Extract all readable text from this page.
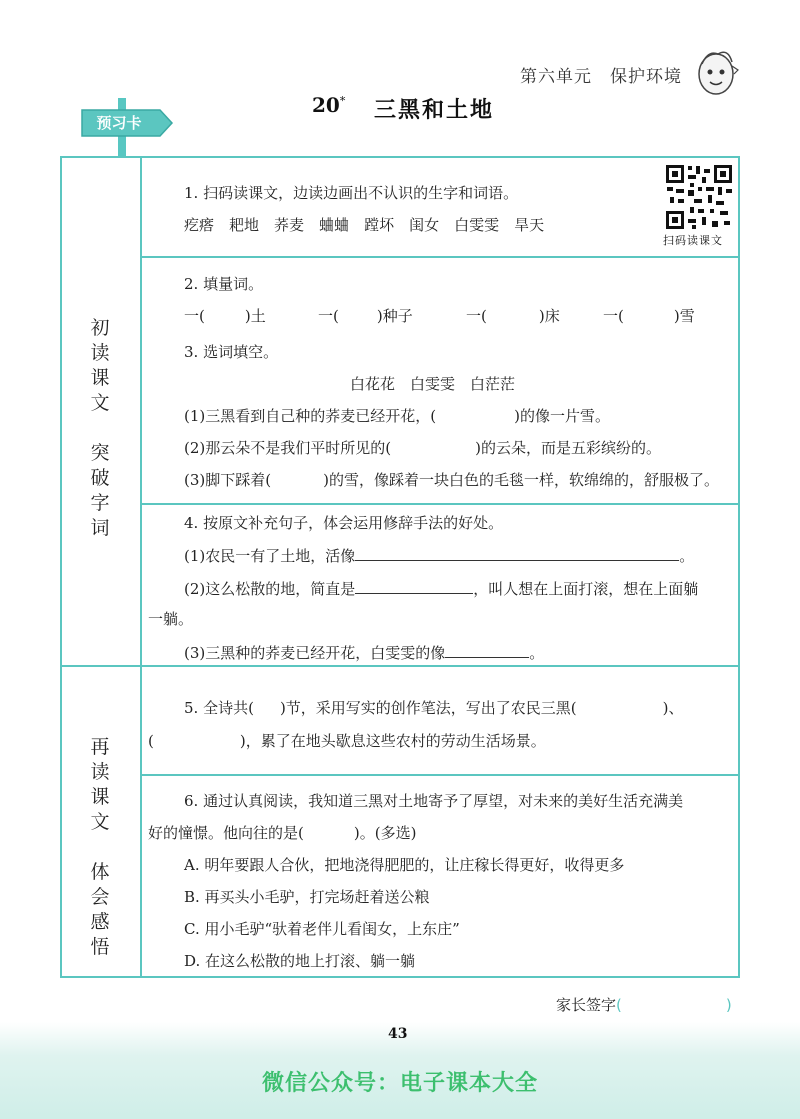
第六单元　保护环境
20* 三黑和土地
预习卡
初读课文

突破字词
再读课文

体会感悟
扫码读课文
1. 扫码读课文，边读边画出不认识的生字和词语。
疙瘩  耙地  荞麦  蛐蛐  蹚坏  闺女  白雯雯  旱天
2. 填量词。
一(	)土	一(	)种子	一(	)床	一(	)雪
3. 选词填空。
白花花　白雯雯　白茫茫
(1)三黑看到自己种的荞麦已经开花，(	)的像一片雪。
(2)那云朵不是我们平时所见的(	)的云朵，而是五彩缤纷的。
(3)脚下踩着(	)的雪，像踩着一块白色的毛毯一样，软绵绵的，舒服极了。
4. 按原文补充句子，体会运用修辞手法的好处。
(1)农民一有了土地，活像	。
(2)这么松散的地，简直是	，叫人想在上面打滚，想在上面躺
一躺。
(3)三黑种的荞麦已经开花，白雯雯的像	。
5. 全诗共( )节，采用写实的创作笔法，写出了农民三黑(	)、
(	)，累了在地头歇息这些农村的劳动生活场景。
6. 通过认真阅读，我知道三黑对土地寄予了厚望，对未来的美好生活充满美
好的憧憬。他向往的是(	)。(多选)
A. 明年要跟人合伙，把地浇得肥肥的，让庄稼长得更好，收得更多
B. 再买头小毛驴，打完场赶着送公粮
C. 用小毛驴“驮着老伴儿看闺女，上东庄”
D. 在这么松散的地上打滚、躺一躺
家长签字(	)
43
微信公众号：电子课本大全
